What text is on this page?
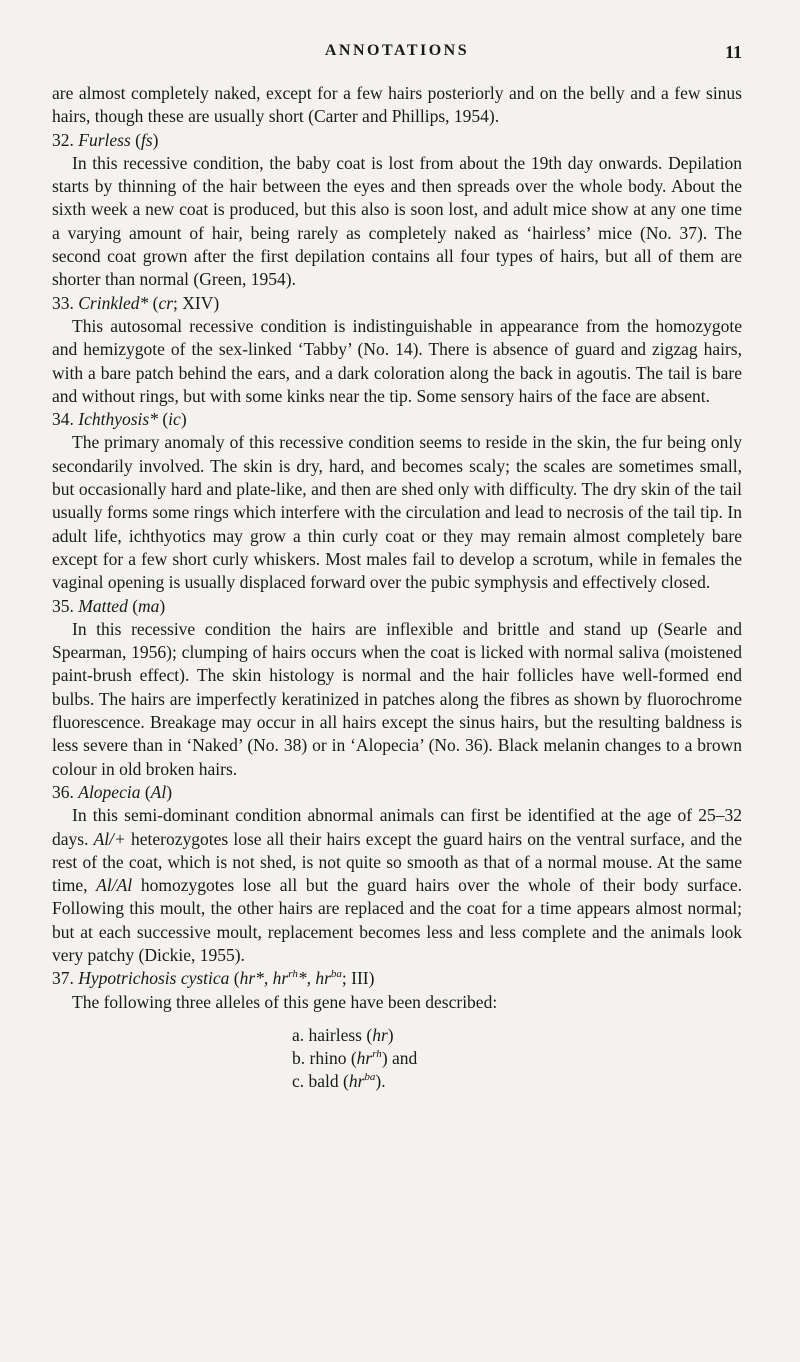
ANNOTATIONS	11

are almost completely naked, except for a few hairs posteriorly and on the belly and a few sinus hairs, though these are usually short (Carter and Phillips, 1954).

32. Furless (fs)

In this recessive condition, the baby coat is lost from about the 19th day onwards. Depilation starts by thinning of the hair between the eyes and then spreads over the whole body. About the sixth week a new coat is produced, but this also is soon lost, and adult mice show at any one time a varying amount of hair, being rarely as completely naked as ‘hairless’ mice (No. 37). The second coat grown after the first depilation contains all four types of hairs, but all of them are shorter than normal (Green, 1954).

33. Crinkled* (cr; XIV)

This autosomal recessive condition is indistinguishable in appearance from the homozygote and hemizygote of the sex-linked ‘Tabby’ (No. 14). There is absence of guard and zigzag hairs, with a bare patch behind the ears, and a dark coloration along the back in agoutis. The tail is bare and without rings, but with some kinks near the tip. Some sensory hairs of the face are absent.

34. Ichthyosis* (ic)

The primary anomaly of this recessive condition seems to reside in the skin, the fur being only secondarily involved. The skin is dry, hard, and becomes scaly; the scales are sometimes small, but occasionally hard and plate-like, and then are shed only with difficulty. The dry skin of the tail usually forms some rings which interfere with the circulation and lead to necrosis of the tail tip. In adult life, ichthyotics may grow a thin curly coat or they may remain almost completely bare except for a few short curly whiskers. Most males fail to develop a scrotum, while in females the vaginal opening is usually displaced forward over the pubic symphysis and effectively closed.

35. Matted (ma)

In this recessive condition the hairs are inflexible and brittle and stand up (Searle and Spearman, 1956); clumping of hairs occurs when the coat is licked with normal saliva (moistened paint-brush effect). The skin histology is normal and the hair follicles have well-formed end bulbs. The hairs are imperfectly keratinized in patches along the fibres as shown by fluorochrome fluorescence. Breakage may occur in all hairs except the sinus hairs, but the resulting baldness is less severe than in ‘Naked’ (No. 38) or in ‘Alopecia’ (No. 36). Black melanin changes to a brown colour in old broken hairs.

36. Alopecia (Al)

In this semi-dominant condition abnormal animals can first be identified at the age of 25–32 days. Al/+ heterozygotes lose all their hairs except the guard hairs on the ventral surface, and the rest of the coat, which is not shed, is not quite so smooth as that of a normal mouse. At the same time, Al/Al homozygotes lose all but the guard hairs over the whole of their body surface. Following this moult, the other hairs are replaced and the coat for a time appears almost normal; but at each successive moult, replacement becomes less and less complete and the animals look very patchy (Dickie, 1955).

37. Hypotrichosis cystica (hr*, $hr^{rh}*$, $hr^{ba}$; III)

The following three alleles of this gene have been described:

a. hairless (hr)
b. rhino $(hr^{rh})$ and
c. bald $(hr^{ba})$.
